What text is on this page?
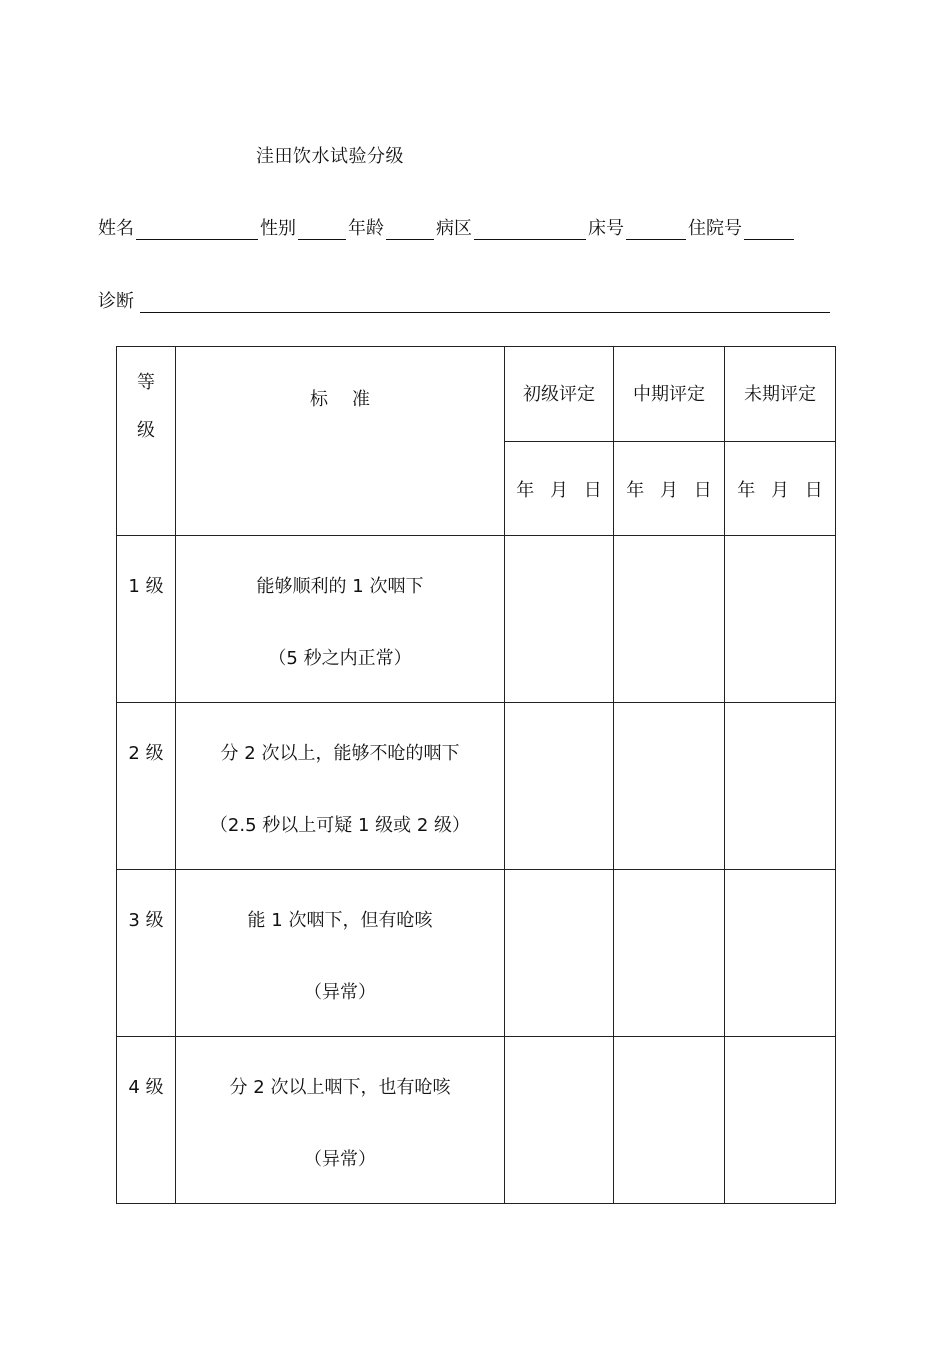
洼田饮水试验分级
姓名	性别	年龄	病区	床号	住院号
诊断
等
级	标准	初级评定	中期评定	未期评定

		年 月 日	年 月 日	年 月 日

1 级	能够顺利的 1 次咽下
（5 秒之内正常）			

2 级	分 2 次以上，能够不呛的咽下
（2.5 秒以上可疑 1 级或 2 级）			

3 级	能 1 次咽下，但有呛咳
（异常）			

4 级	分 2 次以上咽下，也有呛咳
（异常）			
